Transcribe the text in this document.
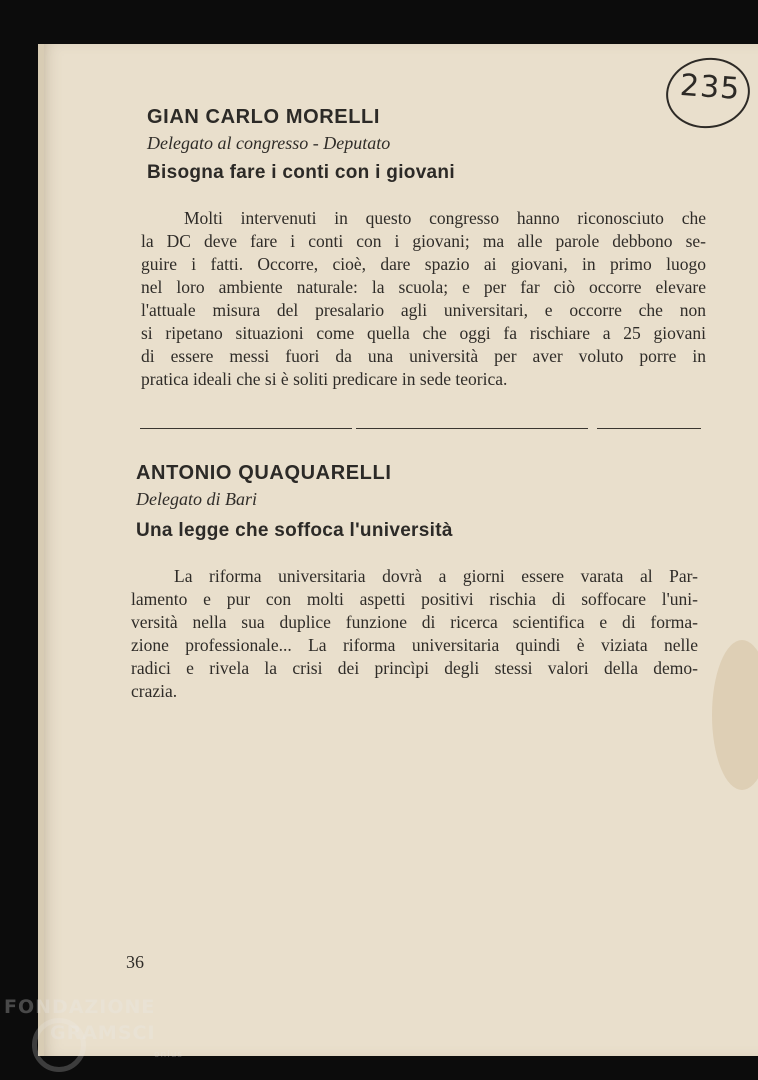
235

GIAN CARLO MORELLI

Delegato al congresso - Deputato

Bisogna fare i conti con i giovani

Molti intervenuti in questo congresso hanno riconosciuto che

la DC deve fare i conti con i giovani; ma alle parole debbono se-

guire i fatti. Occorre, cioè, dare spazio ai giovani, in primo luogo

nel loro ambiente naturale: la scuola; e per far ciò occorre elevare

l'attuale misura del presalario agli universitari, e occorre che non

si ripetano situazioni come quella che oggi fa rischiare a 25 giovani

di essere messi fuori da una università per aver voluto porre in

pratica ideali che si è soliti predicare in sede teorica.

ANTONIO QUAQUARELLI

Delegato di Bari

Una legge che soffoca l'università

La riforma universitaria dovrà a giorni essere varata al Par-

lamento e pur con molti aspetti positivi rischia di soffocare l'uni-

versità nella sua duplice funzione di ricerca scientifica e di forma-

zione professionale... La riforma universitaria quindi è viziata nelle

radici e rivela la crisi dei princìpi degli stessi valori della demo-

crazia.

36

FONDAZIONE
GRAMSCI
onlus
